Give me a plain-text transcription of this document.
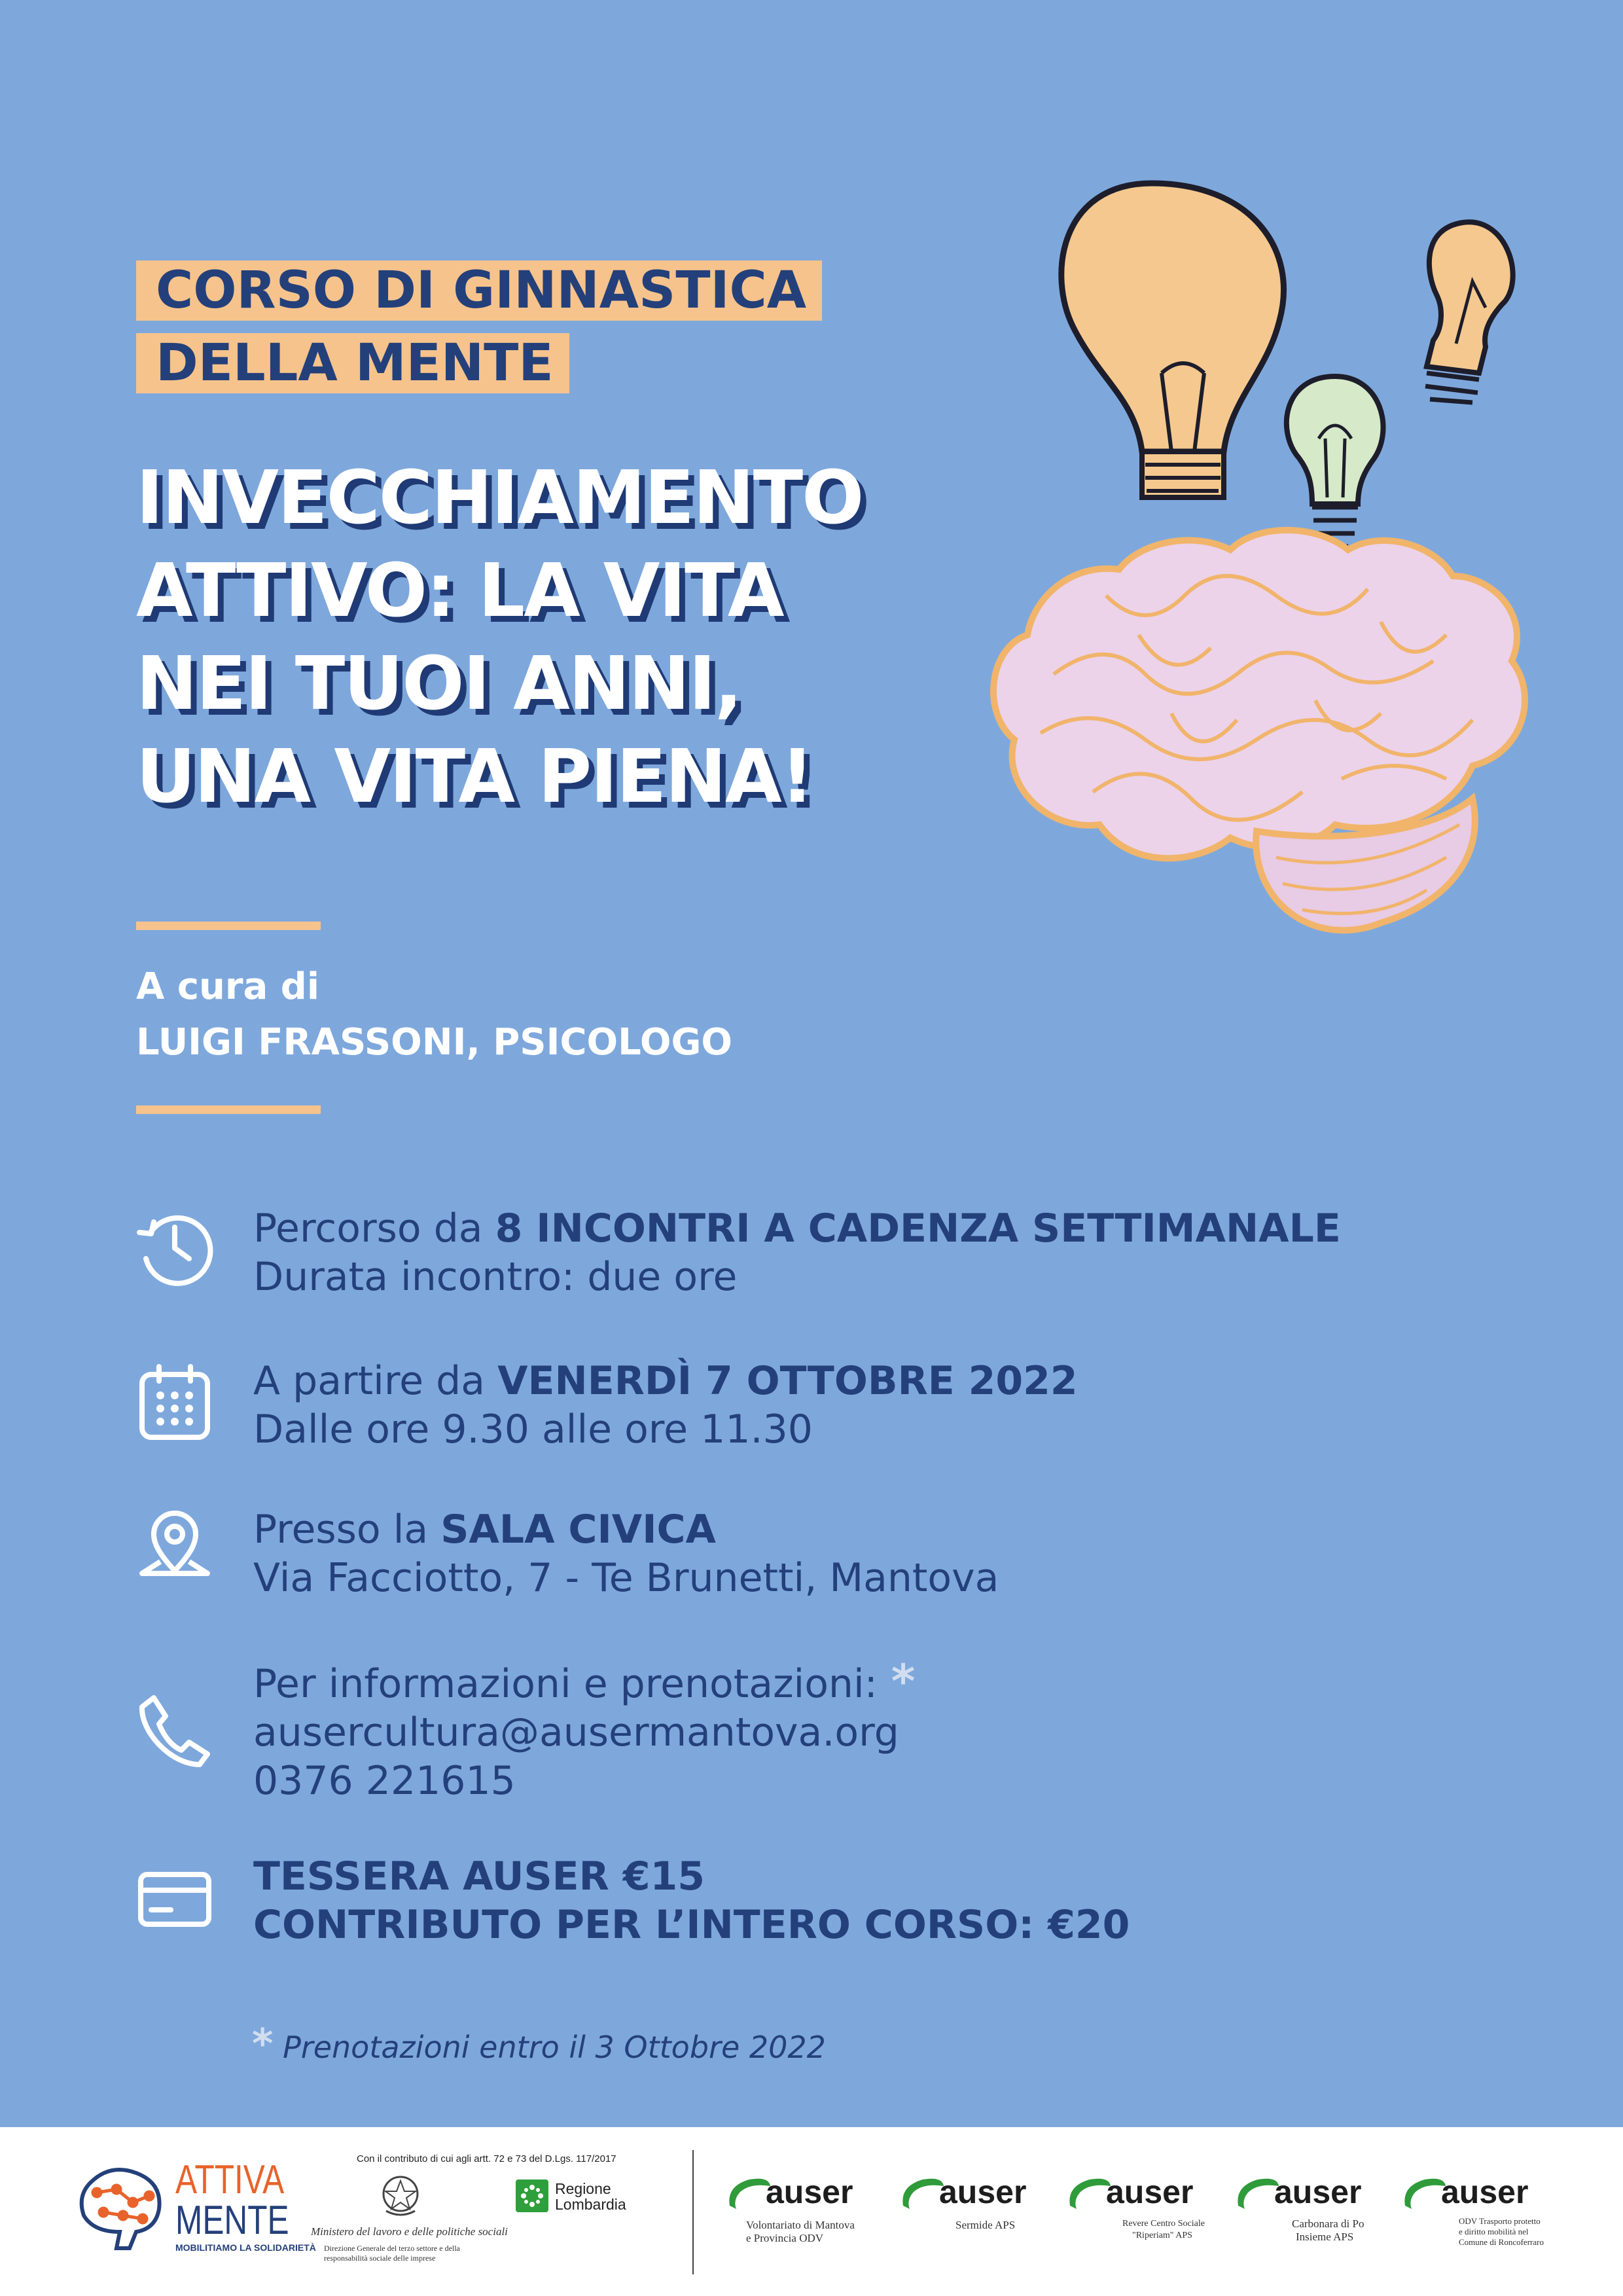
CORSO DI GINNASTICA
DELLA MENTE
INVECCHIAMENTO
ATTIVO: LA VITA
NEI TUOI ANNI,
UNA VITA PIENA!
A cura di
LUIGI FRASSONI, PSICOLOGO
Percorso da 8 INCONTRI A CADENZA SETTIMANALE
Durata incontro: due ore
A partire da VENERDÌ 7 OTTOBRE 2022
Dalle ore 9.30 alle ore 11.30
Presso la SALA CIVICA
Via Facciotto, 7 - Te Brunetti, Mantova
Per informazioni e prenotazioni: *
ausercultura@ausermantova.org
0376 221615
TESSERA AUSER €15
CONTRIBUTO PER L’INTERO CORSO: €20
* Prenotazioni entro il 3 Ottobre 2022
ATTIVA
MENTE
MOBILITIAMO LA SOLIDARIETÀ
Con il contributo di cui agli artt. 72 e 73 del D.Lgs. 117/2017
Ministero del lavoro e delle politiche sociali
Direzione Generale del terzo settore e della responsabilità sociale delle imprese
Regione
Lombardia	auser
Volontariato di Mantova
e Provincia ODV
auser
Sermide APS
auser
Revere Centro Sociale
"Riperiam" APS
auser
Carbonara di Po
Insieme APS
auser
ODV Trasporto protetto
e diritto mobilità nel
Comune di Roncoferraro
